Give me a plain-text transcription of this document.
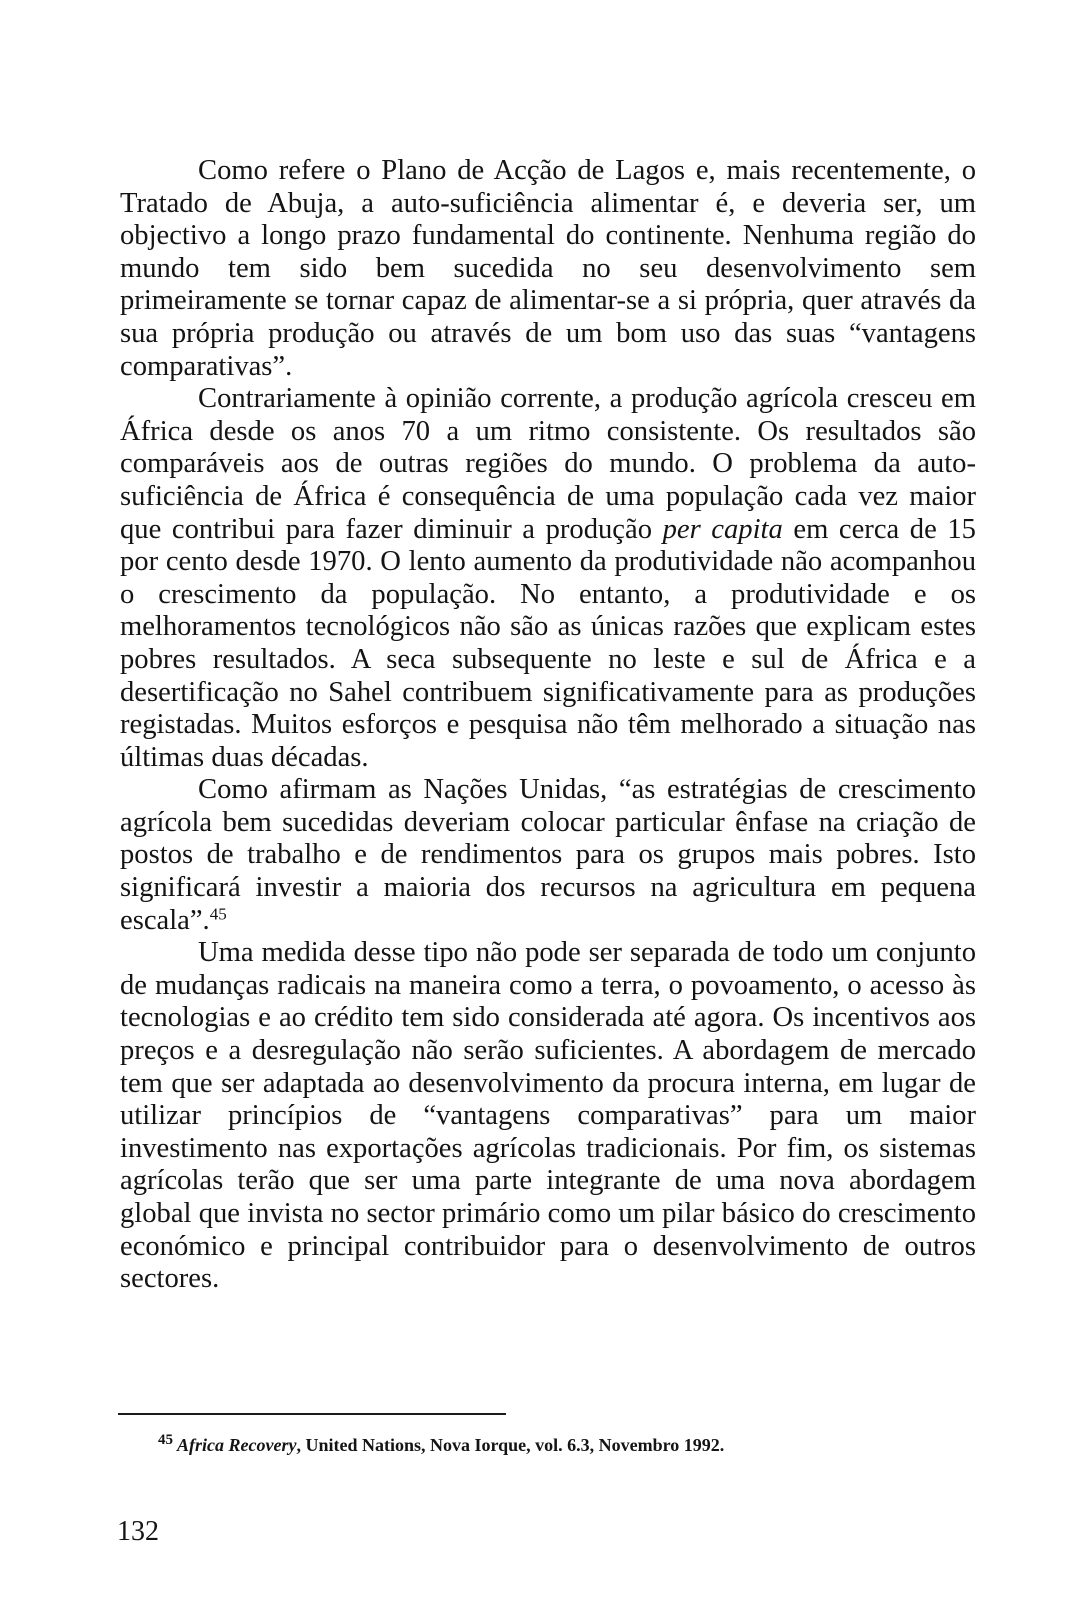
Como refere o Plano de Acção de Lagos e, mais recentemente, o Tratado de Abuja, a auto-suficiência alimentar é, e deveria ser, um objectivo a longo prazo fundamental do continente. Nenhuma região do mundo tem sido bem sucedida no seu desenvolvimento sem primeiramente se tornar capaz de alimentar-se a si própria, quer através da sua própria produção ou através de um bom uso das suas “vantagens comparativas”.

Contrariamente à opinião corrente, a produção agrícola cresceu em África desde os anos 70 a um ritmo consistente. Os resultados são comparáveis aos de outras regiões do mundo. O problema da auto-suficiência de África é consequência de uma população cada vez maior que contribui para fazer diminuir a produção per capita em cerca de 15 por cento desde 1970. O lento aumento da produtividade não acompanhou o crescimento da população. No entanto, a produtividade e os melhoramentos tecnológicos não são as únicas razões que explicam estes pobres resultados. A seca subsequente no leste e sul de África e a desertificação no Sahel contribuem significativamente para as produções registadas. Muitos esforços e pesquisa não têm melhorado a situação nas últimas duas décadas.

Como afirmam as Nações Unidas, “as estratégias de crescimento agrícola bem sucedidas deveriam colocar particular ênfase na criação de postos de trabalho e de rendimentos para os grupos mais pobres. Isto significará investir a maioria dos recursos na agricultura em pequena escala”.$^{45}$

Uma medida desse tipo não pode ser separada de todo um conjunto de mudanças radicais na maneira como a terra, o povoamento, o acesso às tecnologias e ao crédito tem sido considerada até agora. Os incentivos aos preços e a desregulação não serão suficientes. A abordagem de mercado tem que ser adaptada ao desenvolvimento da procura interna, em lugar de utilizar princípios de “vantagens comparativas” para um maior investimento nas exportações agrícolas tradicionais. Por fim, os sistemas agrícolas terão que ser uma parte integrante de uma nova abordagem global que invista no sector primário como um pilar básico do crescimento económico e principal contribuidor para o desenvolvimento de outros sectores.

$^{45}$ Africa Recovery, United Nations, Nova Iorque, vol. 6.3, Novembro 1992.
132
